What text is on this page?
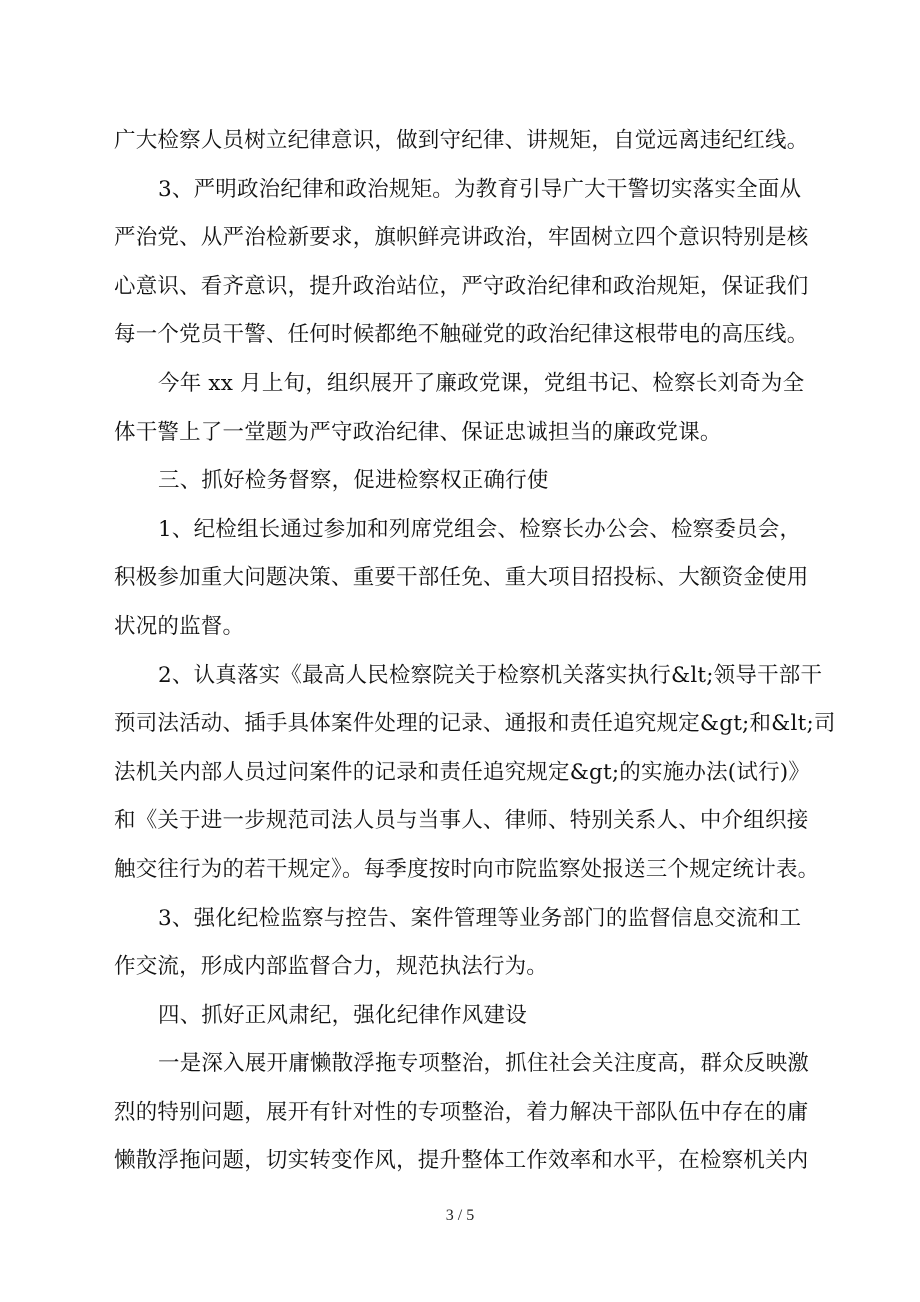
广大检察人员树立纪律意识，做到守纪律、讲规矩，自觉远离违纪红线。
3、严明政治纪律和政治规矩。为教育引导广大干警切实落实全面从
严治党、从严治检新要求，旗帜鲜亮讲政治，牢固树立四个意识特别是核
心意识、看齐意识，提升政治站位，严守政治纪律和政治规矩，保证我们
每一个党员干警、任何时候都绝不触碰党的政治纪律这根带电的高压线。
今年 xx 月上旬，组织展开了廉政党课，党组书记、检察长刘奇为全
体干警上了一堂题为严守政治纪律、保证忠诚担当的廉政党课。
三、抓好检务督察，促进检察权正确行使
1、纪检组长通过参加和列席党组会、检察长办公会、检察委员会，
积极参加重大问题决策、重要干部任免、重大项目招投标、大额资金使用
状况的监督。
2、认真落实《最高人民检察院关于检察机关落实执行&lt;领导干部干
预司法活动、插手具体案件处理的记录、通报和责任追究规定&gt;和&lt;司
法机关内部人员过问案件的记录和责任追究规定&gt;的实施办法(试行)》
和《关于进一步规范司法人员与当事人、律师、特别关系人、中介组织接
触交往行为的若干规定》。每季度按时向市院监察处报送三个规定统计表。
3、强化纪检监察与控告、案件管理等业务部门的监督信息交流和工
作交流，形成内部监督合力，规范执法行为。
四、抓好正风肃纪，强化纪律作风建设
一是深入展开庸懒散浮拖专项整治，抓住社会关注度高，群众反映激
烈的特别问题，展开有针对性的专项整治，着力解决干部队伍中存在的庸
懒散浮拖问题，切实转变作风，提升整体工作效率和水平，在检察机关内
3 / 5
